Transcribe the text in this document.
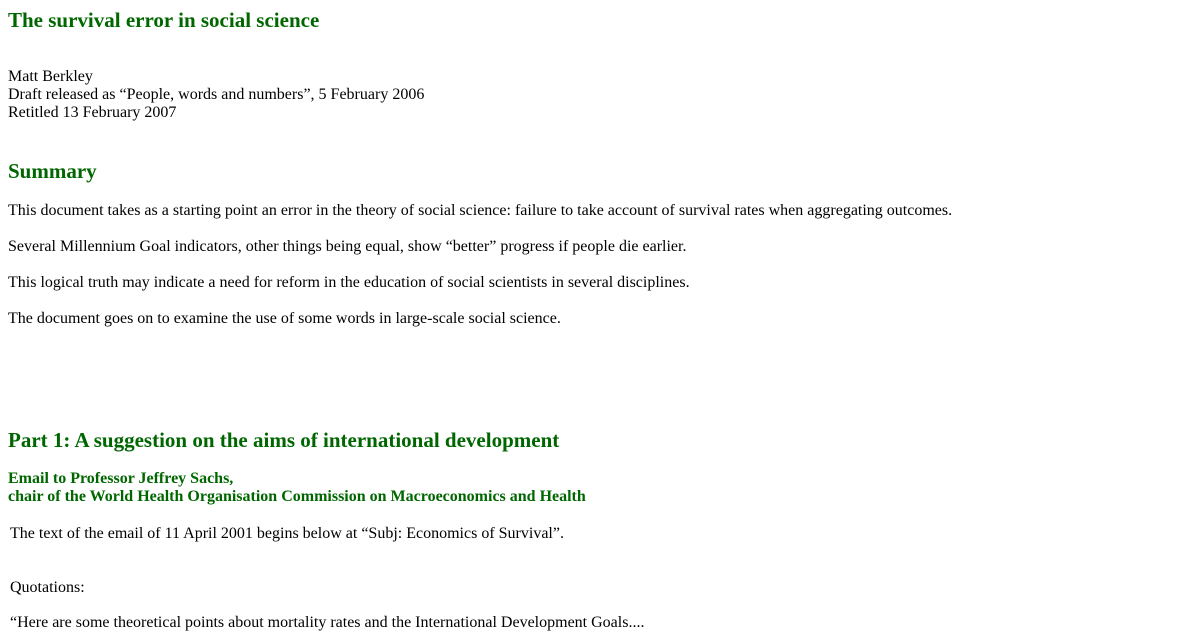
The survival error in social science
Matt Berkley
Draft released as “People, words and numbers”, 5 February 2006
Retitled 13 February 2007
Summary

This document takes as a starting point an error in the theory of social science: failure to take account of survival rates when aggregating outcomes.

Several Millennium Goal indicators, other things being equal, show “better” progress if people die earlier.

This logical truth may indicate a need for reform in the education of social scientists in several disciplines.

The document goes on to examine the use of some words in large-scale social science.

Part 1: A suggestion on the aims of international development
Email to Professor Jeffrey Sachs,
chair of the World Health Organisation Commission on Macroeconomics and Health

The text of the email of 11 April 2001 begins below at “Subj: Economics of Survival”.

Quotations:

“Here are some theoretical points about mortality rates and the International Development Goals....
